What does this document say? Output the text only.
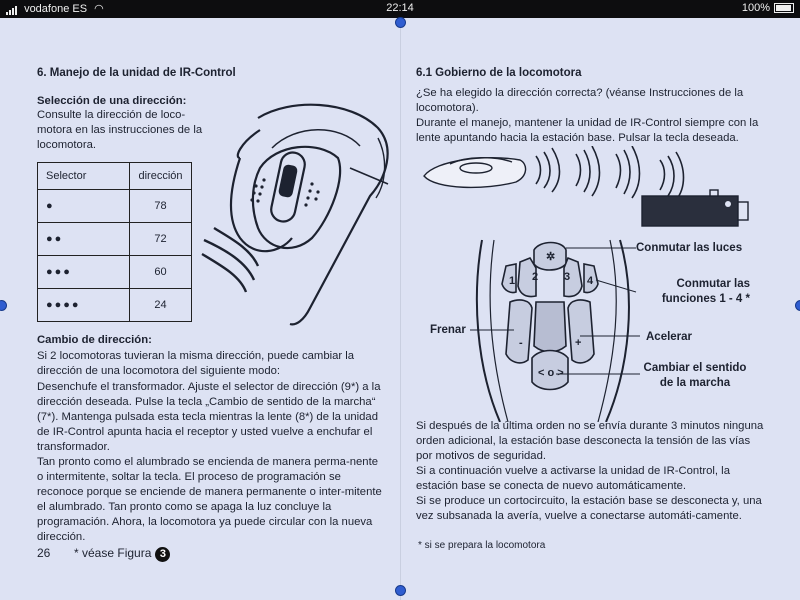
vodafone ES ◠	22:14	100%
6. Manejo de la unidad de IR-Control
Selección de una dirección:
Consulte la dirección de loco-motora en las instrucciones de la locomotora.
Selector	dirección
●	78
●●	72
●●●	60
●●●●	24
Cambio de dirección:
Si 2 locomotoras tuvieran la misma dirección, puede cambiar la dirección de una locomotora del siguiente modo:
Desenchufe el transformador. Ajuste el selector de dirección (9*) a la dirección deseada. Pulse la tecla „Cambio de sentido de la marcha“ (7*). Mantenga pulsada esta tecla mientras la lente (8*) de la unidad de IR-Control apunta hacia el receptor y usted vuelve a enchufar el transformador.
Tan pronto como el alumbrado se encienda de manera perma-nente o intermitente, soltar la tecla. El proceso de programación se reconoce porque se enciende de manera permanente o inter-mitente el alumbrado. Tan pronto como se apaga la luz concluye la programación. Ahora, la locomotora ya puede circular con la nueva dirección.
26 * véase Figura 3
6.1 Gobierno de la locomotora
¿Se ha elegido la dirección correcta? (véanse Instrucciones de la locomotora).
Durante el manejo, mantener la unidad de IR-Control siempre con la lente apuntando hacia la estación base. Pulsar la tecla deseada.
✲
1 2 3 4
-	+
< o >
Conmutar las luces
Conmutar las
funciones 1 - 4 *
Frenar
Acelerar
Cambiar el sentido
de la marcha
Si después de la última orden no se envía durante 3 minutos ninguna orden adicional, la estación base desconecta la tensión de las vías por motivos de seguridad.
Si a continuación vuelve a activarse la unidad de IR-Control, la estación base se conecta de nuevo automáticamente.
Si se produce un cortocircuito, la estación base se desconecta y, una vez subsanada la avería, vuelve a conectarse automáti-camente.
* si se prepara la locomotora
